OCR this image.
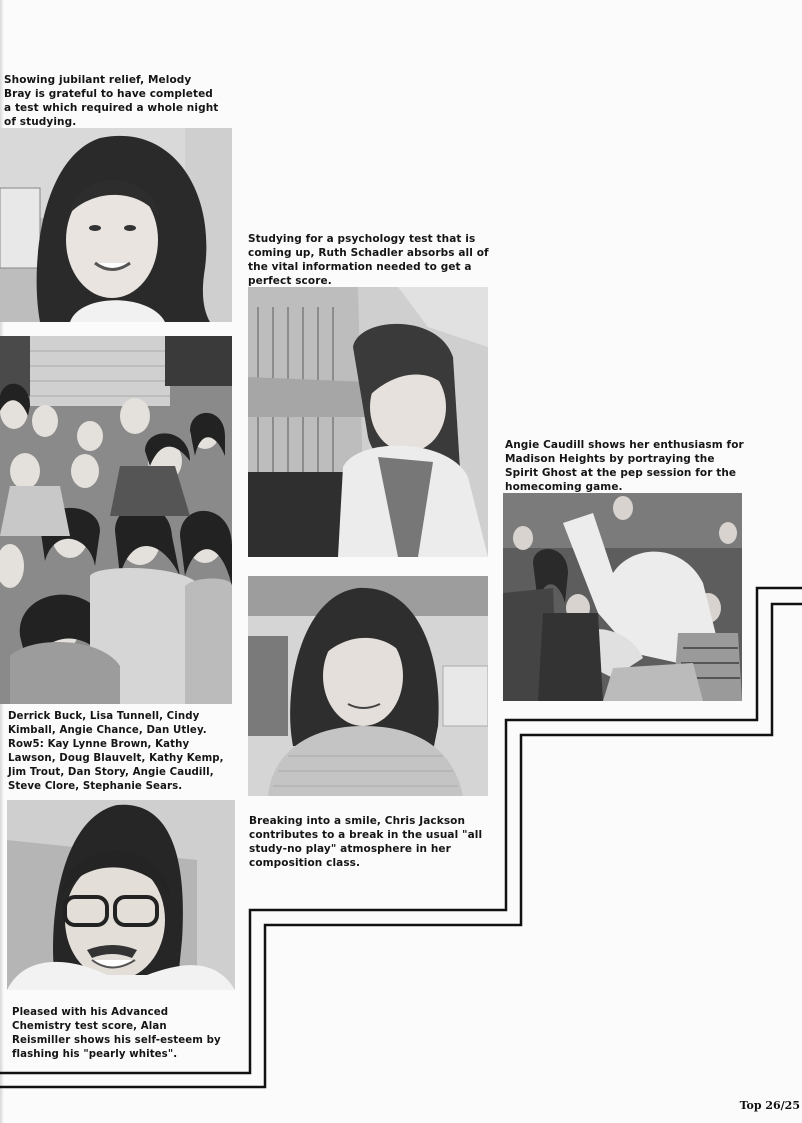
Showing jubilant relief, Melody Bray is grateful to have completed a test which required a whole night of studying.

Derrick Buck, Lisa Tunnell, Cindy Kimball, Angie Chance, Dan Utley. Row5: Kay Lynne Brown, Kathy Lawson, Doug Blauvelt, Kathy Kemp, Jim Trout, Dan Story, Angie Caudill, Steve Clore, Stephanie Sears.

Pleased with his Advanced Chemistry test score, Alan Reismiller shows his self-esteem by flashing his "pearly whites".

Studying for a psychology test that is coming up, Ruth Schadler absorbs all of the vital information needed to get a perfect score.

Breaking into a smile, Chris Jackson contributes to a break in the usual "all study-no play" atmosphere in her composition class.

Angie Caudill shows her enthusiasm for Madison Heights by portraying the Spirit Ghost at the pep session for the homecoming game.

Top 26/25
